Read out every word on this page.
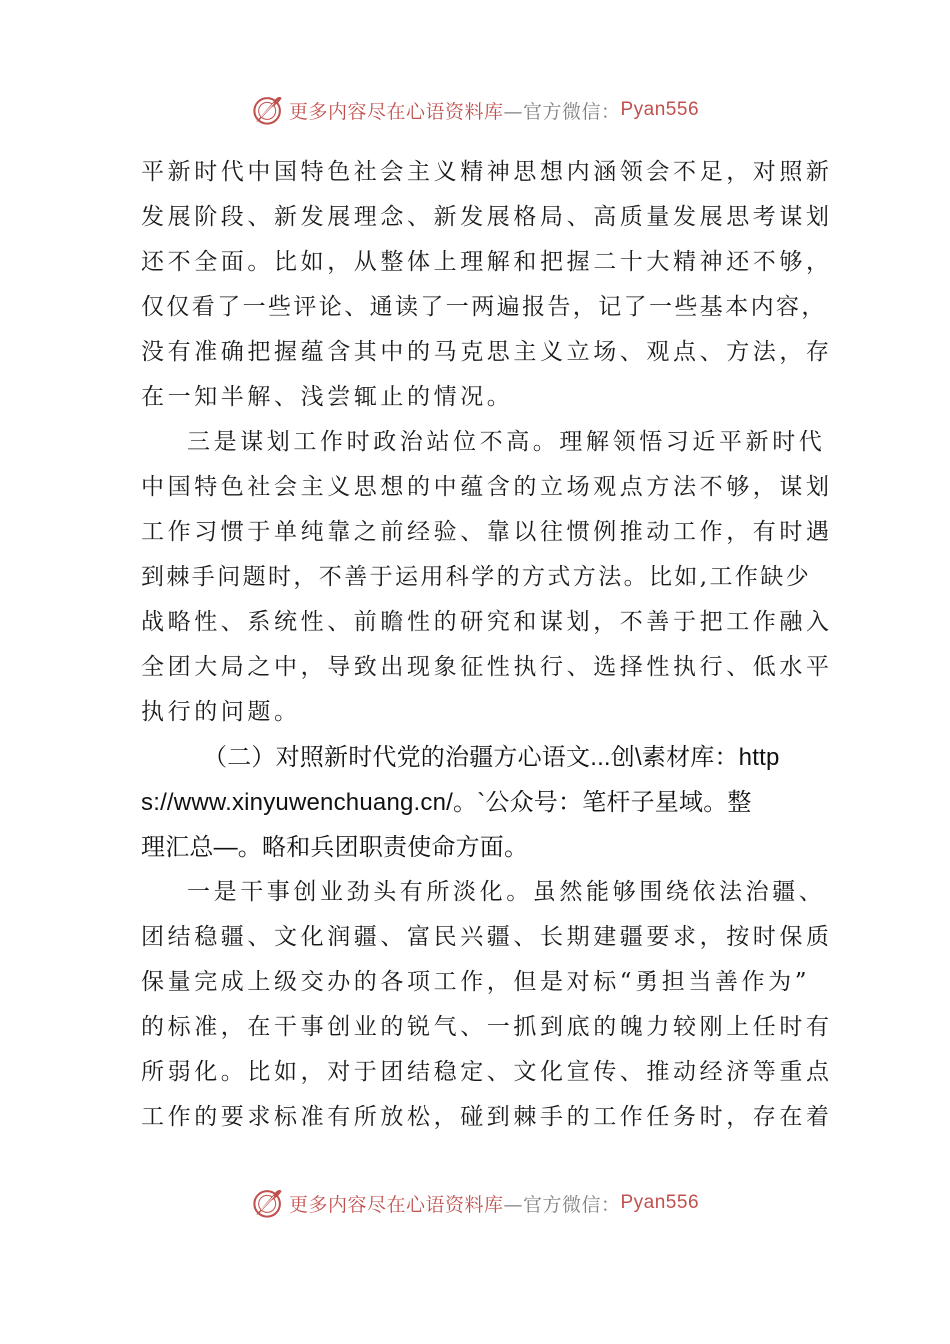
更多内容尽在心语资料库 —官方微信： Pyan556
平新时代中国特色社会主义精神思想内涵领会不足，对照新
发展阶段、新发展理念、新发展格局、高质量发展思考谋划
还不全面。比如，从整体上理解和把握二十大精神还不够，
仅仅看了一些评论、通读了一两遍报告，记了一些基本内容，
没有准确把握蕴含其中的马克思主义立场、观点、方法，存
在一知半解、浅尝辄止的情况。
三是谋划工作时政治站位不高。理解领悟习近平新时代
中国特色社会主义思想的中蕴含的立场观点方法不够，谋划
工作习惯于单纯靠之前经验、靠以往惯例推动工作，有时遇
到棘手问题时，不善于运用科学的方式方法。比如,工作缺少
战略性、系统性、前瞻性的研究和谋划，不善于把工作融入
全团大局之中，导致出现象征性执行、选择性执行、低水平
执行的问题。
（二）对照新时代党的治疆方心语文...创\素材库：http
s://www.xinyuwenchuang.cn/。`公众号：笔杆子星域。整
理汇总—。略和兵团职责使命方面。
一是干事创业劲头有所淡化。虽然能够围绕依法治疆、
团结稳疆、文化润疆、富民兴疆、长期建疆要求，按时保质
保量完成上级交办的各项工作，但是对标“勇担当善作为”
的标准，在干事创业的锐气、一抓到底的魄力较刚上任时有
所弱化。比如，对于团结稳定、文化宣传、推动经济等重点
工作的要求标准有所放松，碰到棘手的工作任务时，存在着
更多内容尽在心语资料库 —官方微信： Pyan556
